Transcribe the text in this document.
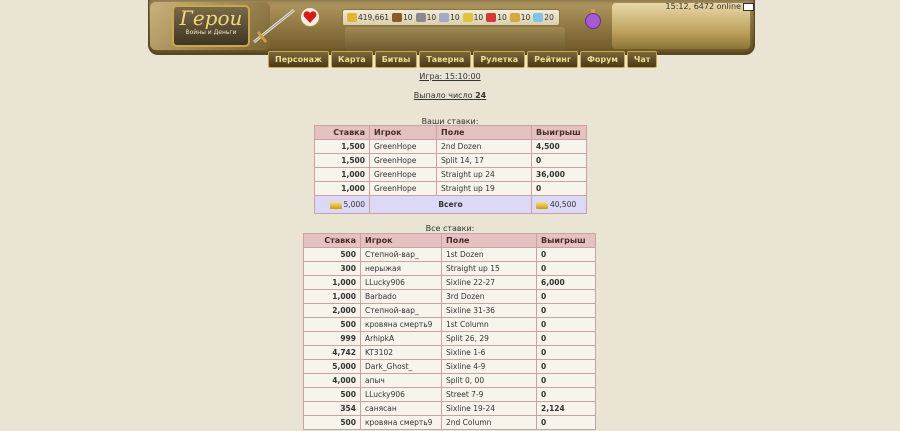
Герои
Войны и Деньги
419,661 10 10 10 10 10 10 20
15:12, 6472 online
Персонаж	Карта	Битвы	Таверна	Рулетка	Рейтинг	Форум	Чат
Игра: 15:10:00
Выпало число 24
Ваши ставки:
Ставка	Игрок	Поле	Выигрыш
1,500	GreenHope	2nd Dozen	4,500
1,500	GreenHope	Split 14, 17	0
1,000	GreenHope	Straight up 24	36,000
1,000	GreenHope	Straight up 19	0
5,000	Всего		40,500
Все ставки:
Ставка	Игрок	Поле	Выигрыш
500	Степной-вар_	1st Dozen	0
300	нерыжая	Straight up 15	0
1,000	LLucky906	Sixline 22-27	6,000
1,000	Barbado	3rd Dozen	0
2,000	Степной-вар_	Sixline 31-36	0
500	кровяна смерть9	1st Column	0
999	ArhipkA	Split 26, 29	0
4,742	KT3102	Sixline 1-6	0
5,000	Dark_Ghost_	Sixline 4-9	0
4,000	апыч	Split 0, 00	0
500	LLucky906	Street 7-9	0
354	санясан	Sixline 19-24	2,124
500	кровяна смерть9	2nd Column	0
